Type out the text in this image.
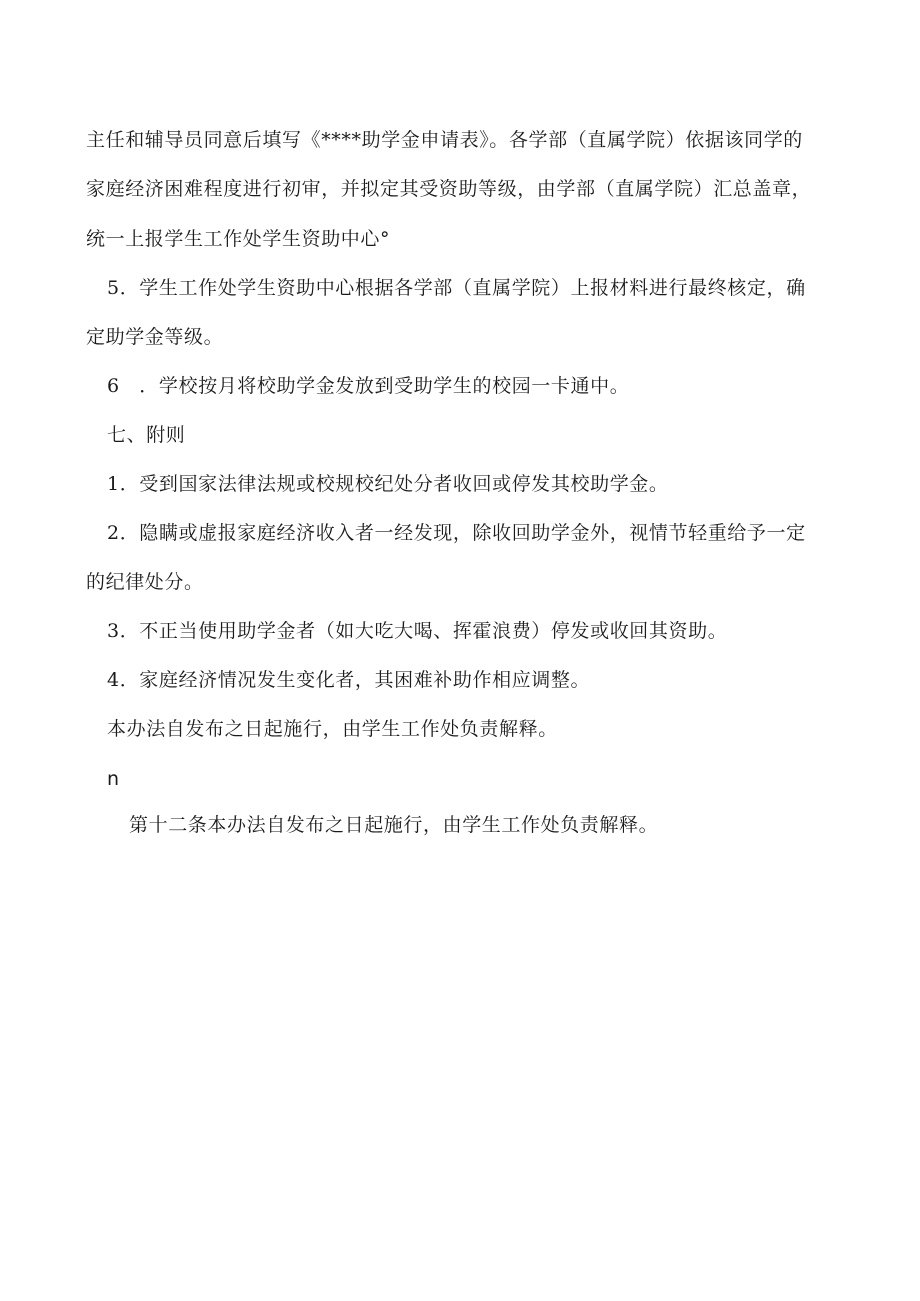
主任和辅导员同意后填写《****助学金申请表》。各学部（直属学院）依据该同学的
家庭经济困难程度进行初审，并拟定其受资助等级，由学部（直属学院）汇总盖章，
统一上报学生工作处学生资助中心°
5．学生工作处学生资助中心根据各学部（直属学院）上报材料进行最终核定，确
定助学金等级。
6　．学校按月将校助学金发放到受助学生的校园一卡通中。
七、附则
1．受到国家法律法规或校规校纪处分者收回或停发其校助学金。
2．隐瞒或虚报家庭经济收入者一经发现，除收回助学金外，视情节轻重给予一定
的纪律处分。
3．不正当使用助学金者（如大吃大喝、挥霍浪费）停发或收回其资助。
4．家庭经济情况发生变化者，其困难补助作相应调整。
本办法自发布之日起施行，由学生工作处负责解释。
n
第十二条本办法自发布之日起施行，由学生工作处负责解释。
